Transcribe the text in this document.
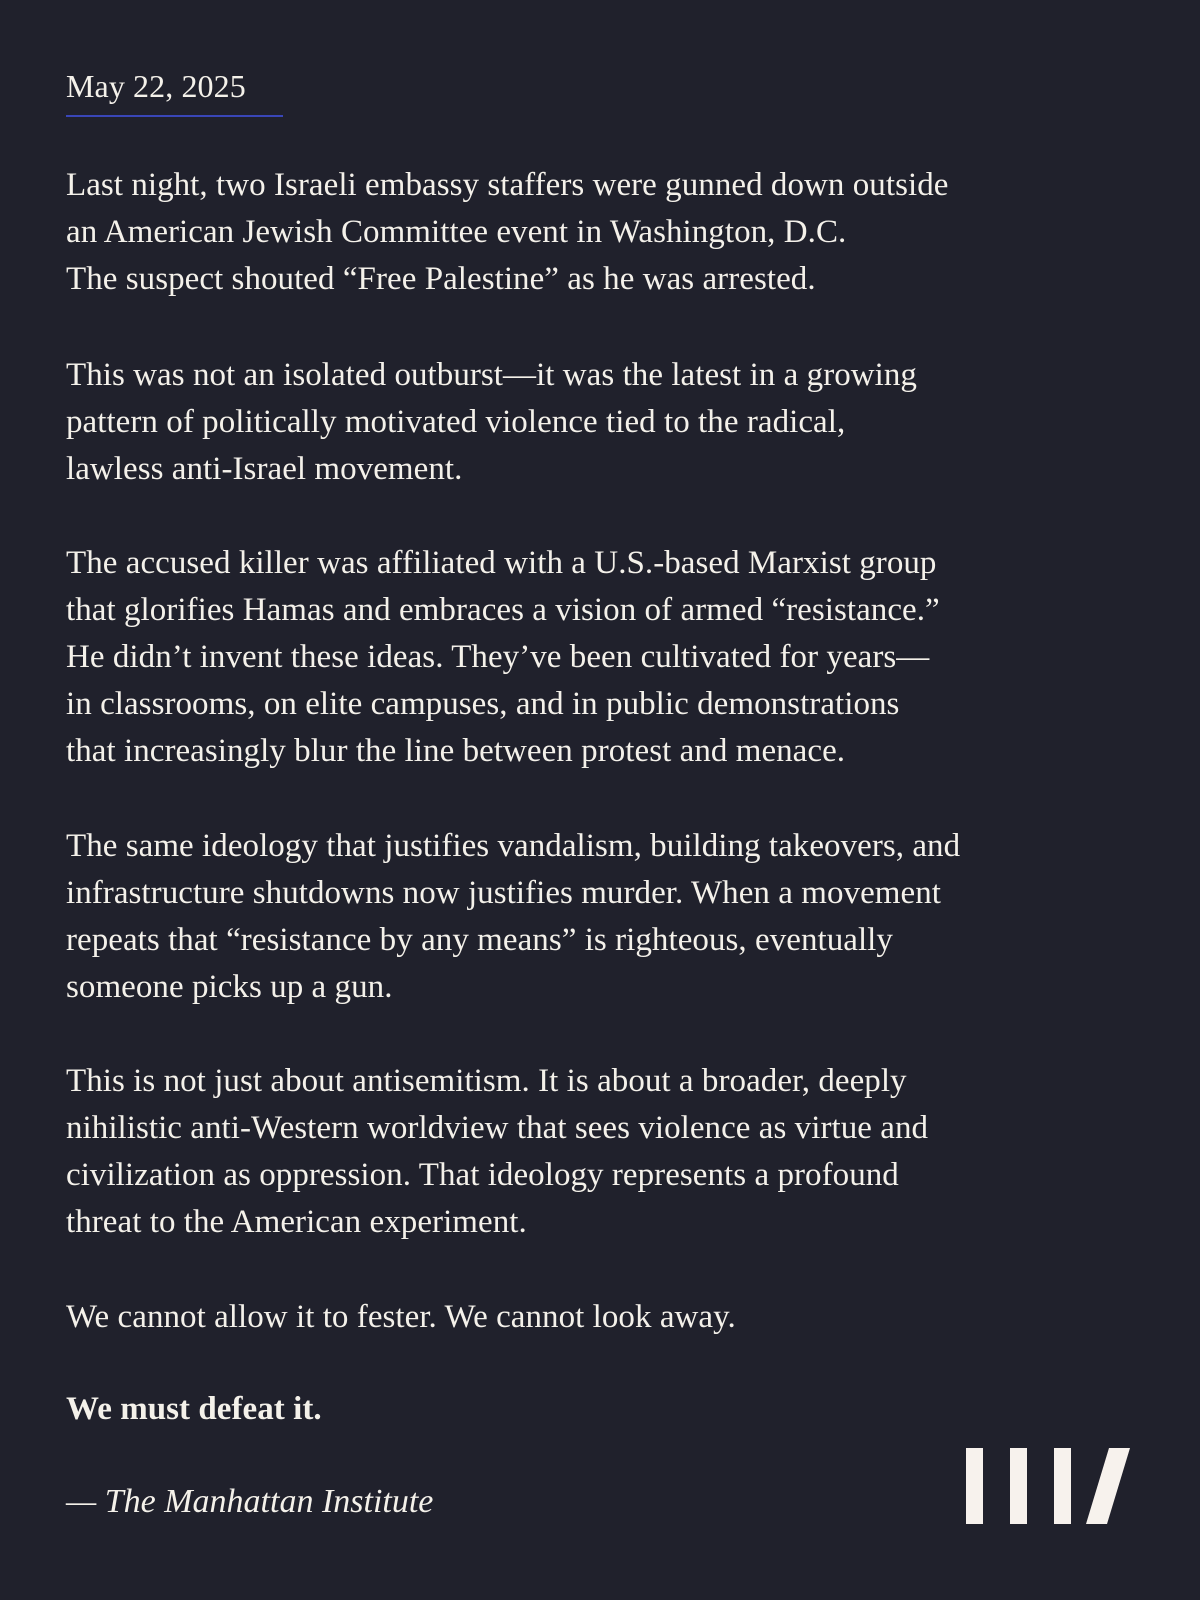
May 22, 2025

Last night, two Israeli embassy staffers were gunned down outside
an American Jewish Committee event in Washington, D.C.
The suspect shouted “Free Palestine” as he was arrested.

This was not an isolated outburst—it was the latest in a growing
pattern of politically motivated violence tied to the radical,
lawless anti-Israel movement.

The accused killer was affiliated with a U.S.-based Marxist group
that glorifies Hamas and embraces a vision of armed “resistance.”
He didn’t invent these ideas. They’ve been cultivated for years—
in classrooms, on elite campuses, and in public demonstrations
that increasingly blur the line between protest and menace.

The same ideology that justifies vandalism, building takeovers, and
infrastructure shutdowns now justifies murder. When a movement
repeats that “resistance by any means” is righteous, eventually
someone picks up a gun.

This is not just about antisemitism. It is about a broader, deeply
nihilistic anti-Western worldview that sees violence as virtue and
civilization as oppression. That ideology represents a profound
threat to the American experiment.

We cannot allow it to fester. We cannot look away.

We must defeat it.

— The Manhattan Institute
